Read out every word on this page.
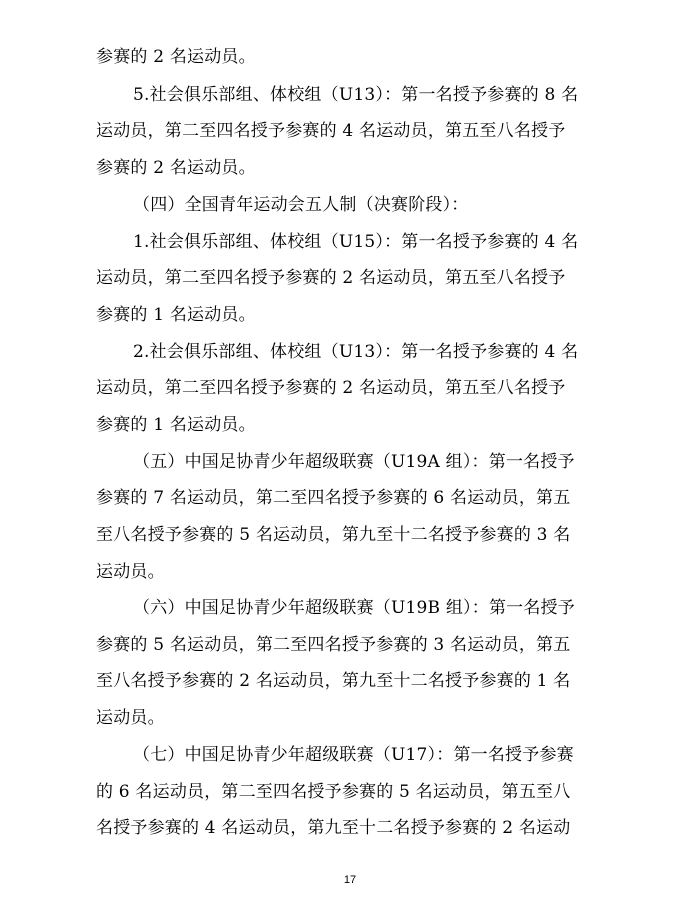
参赛的 2 名运动员。
5.社会俱乐部组、体校组（U13）：第一名授予参赛的 8 名
运动员，第二至四名授予参赛的 4 名运动员，第五至八名授予
参赛的 2 名运动员。
（四）全国青年运动会五人制（决赛阶段）：
1.社会俱乐部组、体校组（U15）：第一名授予参赛的 4 名
运动员，第二至四名授予参赛的 2 名运动员，第五至八名授予
参赛的 1 名运动员。
2.社会俱乐部组、体校组（U13）：第一名授予参赛的 4 名
运动员，第二至四名授予参赛的 2 名运动员，第五至八名授予
参赛的 1 名运动员。
（五）中国足协青少年超级联赛（U19A 组）：第一名授予
参赛的 7 名运动员，第二至四名授予参赛的 6 名运动员，第五
至八名授予参赛的 5 名运动员，第九至十二名授予参赛的 3 名
运动员。
（六）中国足协青少年超级联赛（U19B 组）：第一名授予
参赛的 5 名运动员，第二至四名授予参赛的 3 名运动员，第五
至八名授予参赛的 2 名运动员，第九至十二名授予参赛的 1 名
运动员。
（七）中国足协青少年超级联赛（U17）：第一名授予参赛
的 6 名运动员，第二至四名授予参赛的 5 名运动员，第五至八
名授予参赛的 4 名运动员，第九至十二名授予参赛的 2 名运动
17
